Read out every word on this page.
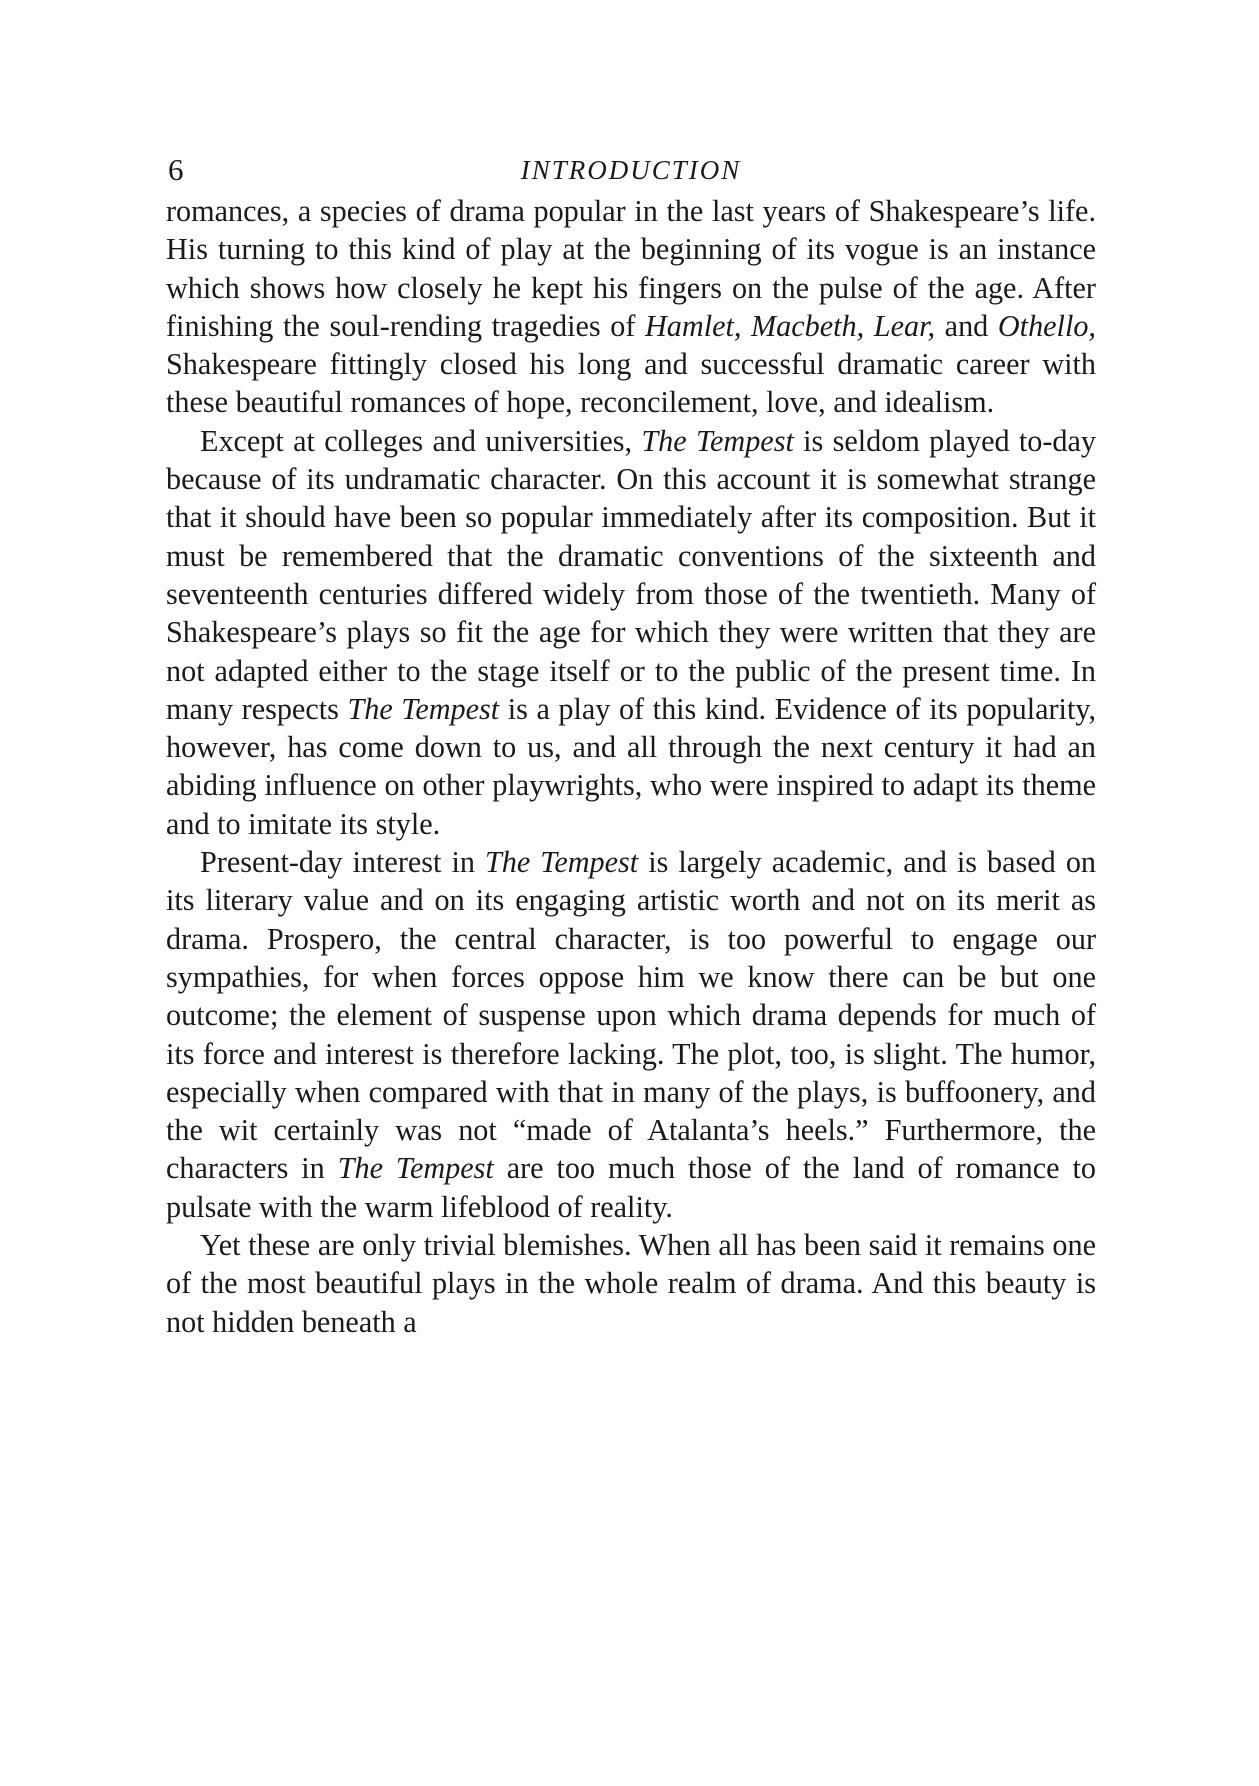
6	INTRODUCTION

romances, a species of drama popular in the last years of Shakespeare’s life. His turning to this kind of play at the beginning of its vogue is an instance which shows how closely he kept his fingers on the pulse of the age. After finishing the soul-rending tragedies of Hamlet, Macbeth, Lear, and Othello, Shakespeare fittingly closed his long and successful dramatic career with these beautiful romances of hope, reconcilement, love, and idealism.

Except at colleges and universities, The Tempest is seldom played to-day because of its undramatic character. On this account it is somewhat strange that it should have been so popular immediately after its composition. But it must be remembered that the dramatic conventions of the sixteenth and seventeenth centuries differed widely from those of the twentieth. Many of Shakespeare’s plays so fit the age for which they were written that they are not adapted either to the stage itself or to the public of the present time. In many respects The Tempest is a play of this kind. Evidence of its popularity, however, has come down to us, and all through the next century it had an abiding influence on other playwrights, who were inspired to adapt its theme and to imitate its style.

Present-day interest in The Tempest is largely academic, and is based on its literary value and on its engaging artistic worth and not on its merit as drama. Prospero, the central character, is too powerful to engage our sympathies, for when forces oppose him we know there can be but one outcome; the element of suspense upon which drama depends for much of its force and interest is therefore lacking. The plot, too, is slight. The humor, especially when compared with that in many of the plays, is buffoonery, and the wit certainly was not “made of Atalanta’s heels.” Furthermore, the characters in The Tempest are too much those of the land of romance to pulsate with the warm lifeblood of reality.

Yet these are only trivial blemishes. When all has been said it remains one of the most beautiful plays in the whole realm of drama. And this beauty is not hidden beneath a
